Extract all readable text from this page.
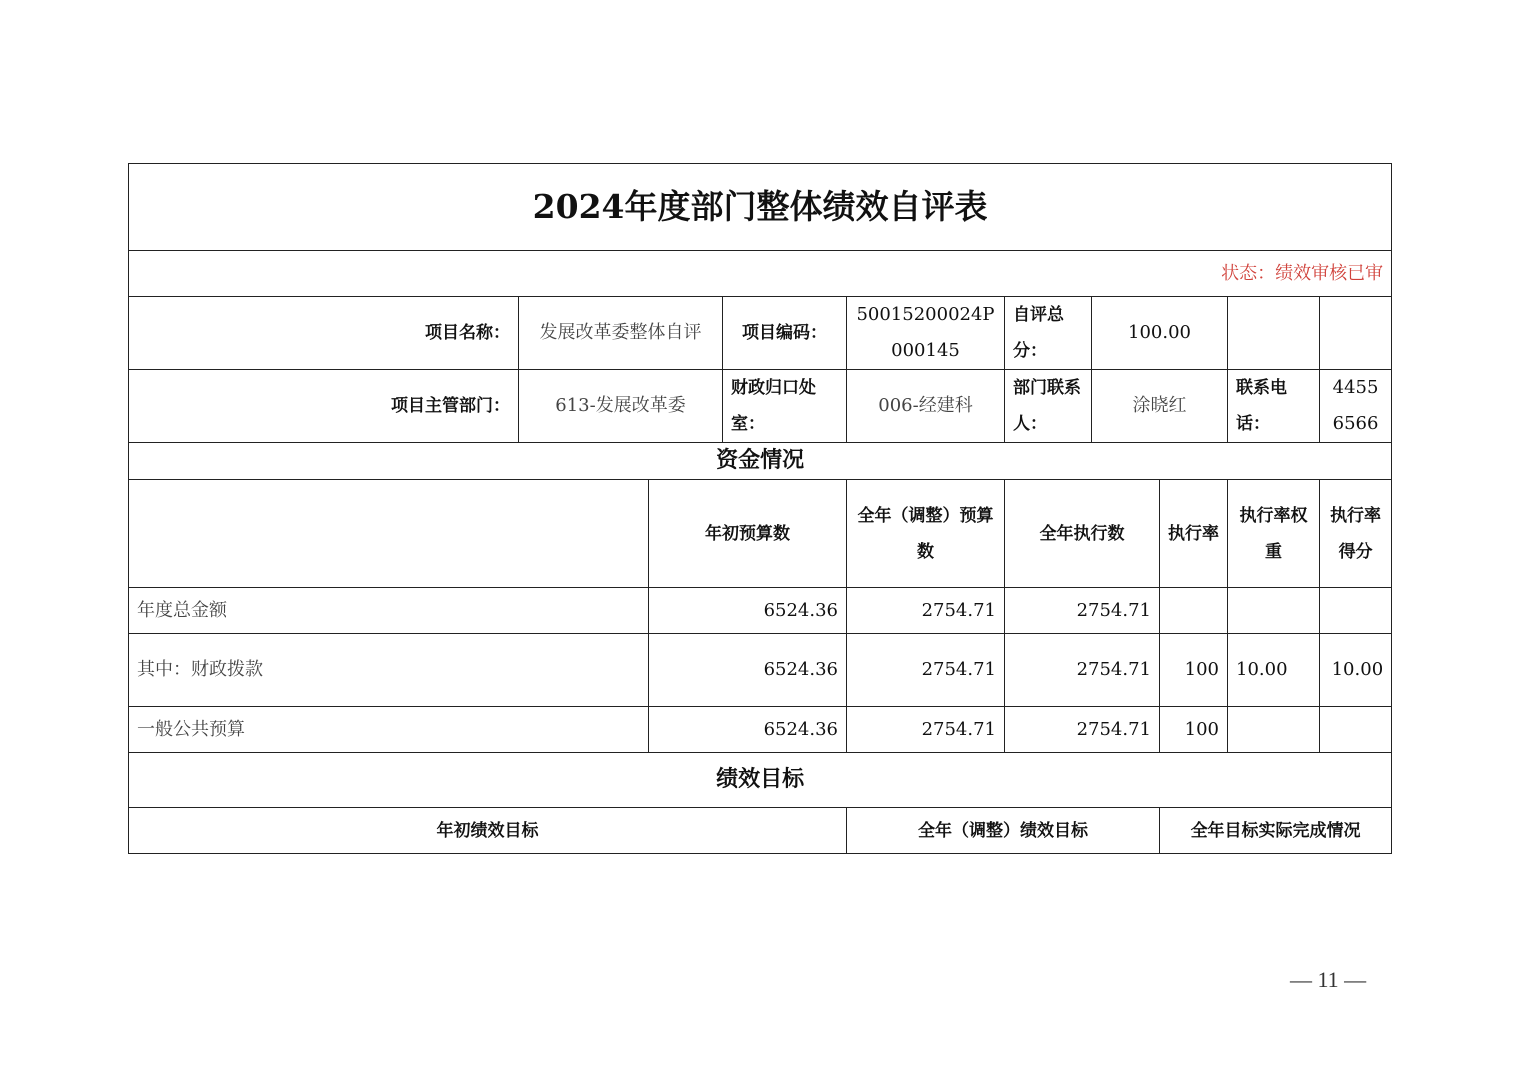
2024年度部门整体绩效自评表									
状态：绩效审核已审									
项目名称：	发展改革委整体自评		项目编码：	50015200024P000145	自评总分：	100.00			
项目主管部门：	613-发展改革委		财政归口处室：	006-经建科	部门联系人：	涂晓红		联系电话：	44556566
资金情况									
		年初预算数		全年（调整）预算数	全年执行数		执行率	执行率权重	执行率得分
年度总金额		6524.36		2754.71	2754.71				
其中：财政拨款		6524.36		2754.71	2754.71		100	10.00	10.00
一般公共预算		6524.36		2754.71	2754.71		100		
绩效目标									
年初绩效目标				全年（调整）绩效目标			全年目标实际完成情况		
— 11 —
